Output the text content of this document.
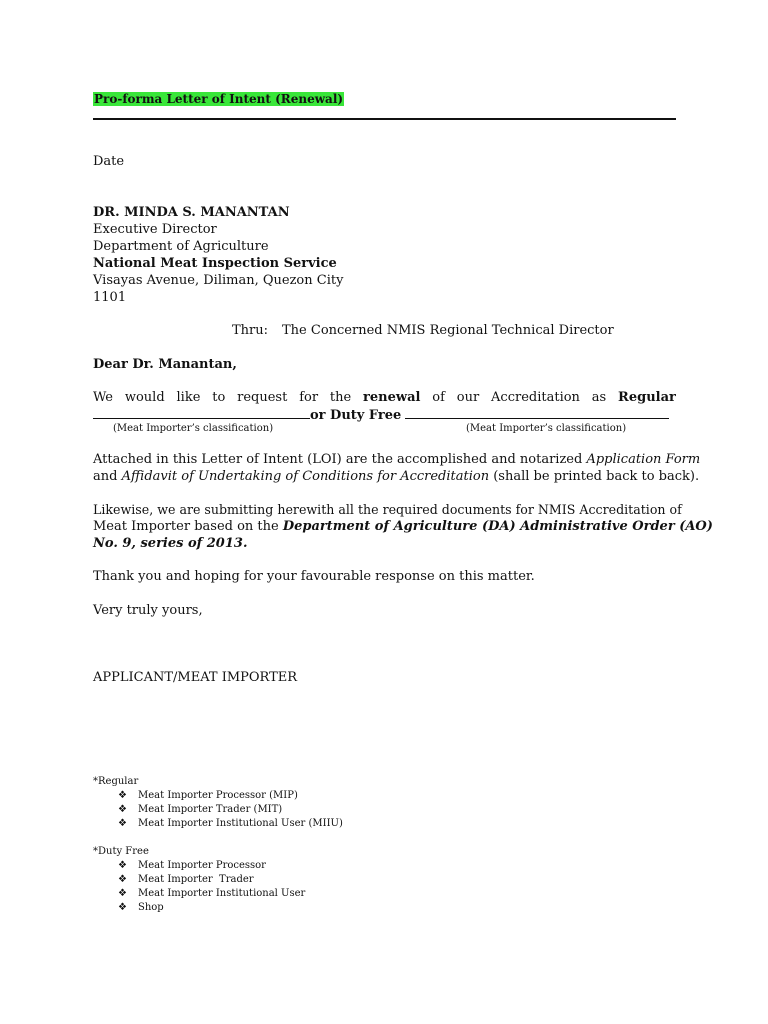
Pro-forma Letter of Intent (Renewal)
Date
DR. MINDA S. MANANTAN
Executive Director
Department of Agriculture
National Meat Inspection Service
Visayas Avenue, Diliman, Quezon City
1101
Thru: The Concerned NMIS Regional Technical Director
Dear Dr. Manantan,
We would like to request for the renewal of our Accreditation as Regular
or Duty Free
(Meat Importer’s classification)	(Meat Importer’s classification)
Attached in this Letter of Intent (LOI) are the accomplished and notarized Application Form
and Affidavit of Undertaking of Conditions for Accreditation (shall be printed back to back).
Likewise, we are submitting herewith all the required documents for NMIS Accreditation of
Meat Importer based on the Department of Agriculture (DA) Administrative Order (AO)
No. 9, series of 2013.
Thank you and hoping for your favourable response on this matter.
Very truly yours,
APPLICANT/MEAT IMPORTER
*Regular
❖ Meat Importer Processor (MIP)
❖ Meat Importer Trader (MIT)
❖ Meat Importer Institutional User (MIIU)
*Duty Free
❖ Meat Importer Processor
❖ Meat Importer  Trader
❖ Meat Importer Institutional User
❖ Shop
